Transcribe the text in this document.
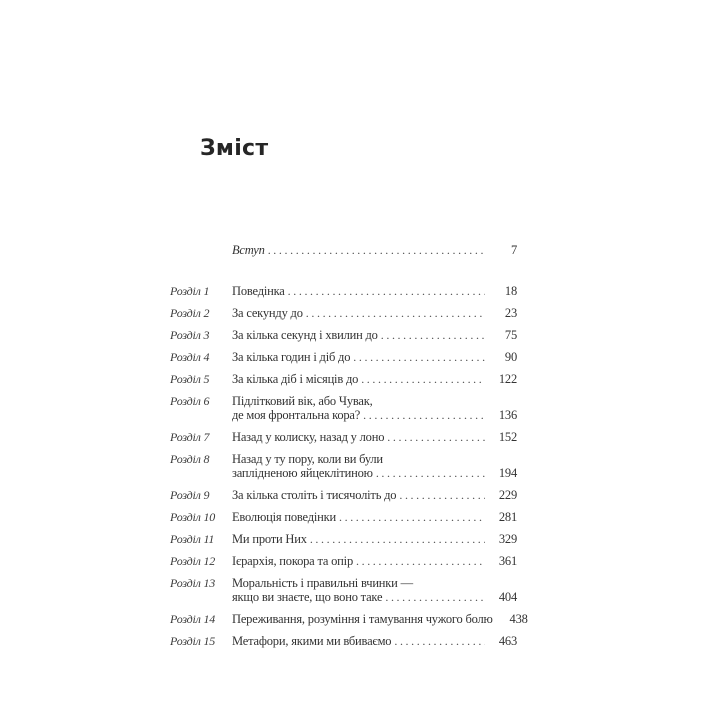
Зміст
Вступ .....	7
Розділ 1	Поведінка .....	18
Розділ 2	За секунду до .....	23
Розділ 3	За кілька секунд і хвилин до .....	75
Розділ 4	За кілька годин і діб до .....	90
Розділ 5	За кілька діб і місяців до .....	122
Розділ 6	Підлітковий вік, або Чувак,
де моя фронтальна кора? .....	136
Розділ 7	Назад у колиску, назад у лоно .....	152
Розділ 8	Назад у ту пору, коли ви були
заплідненою яйцеклітиною .....	194
Розділ 9	За кілька століть і тисячоліть до .....	229
Розділ 10	Еволюція поведінки .....	281
Розділ 11	Ми проти Них .....	329
Розділ 12	Ієрархія, покора та опір .....	361
Розділ 13	Моральність і правильні вчинки —
якщо ви знаєте, що воно таке .....	404
Розділ 14	Переживання, розуміння і тамування чужого болю	438
Розділ 15	Метафори, якими ми вбиваємо .....	463
